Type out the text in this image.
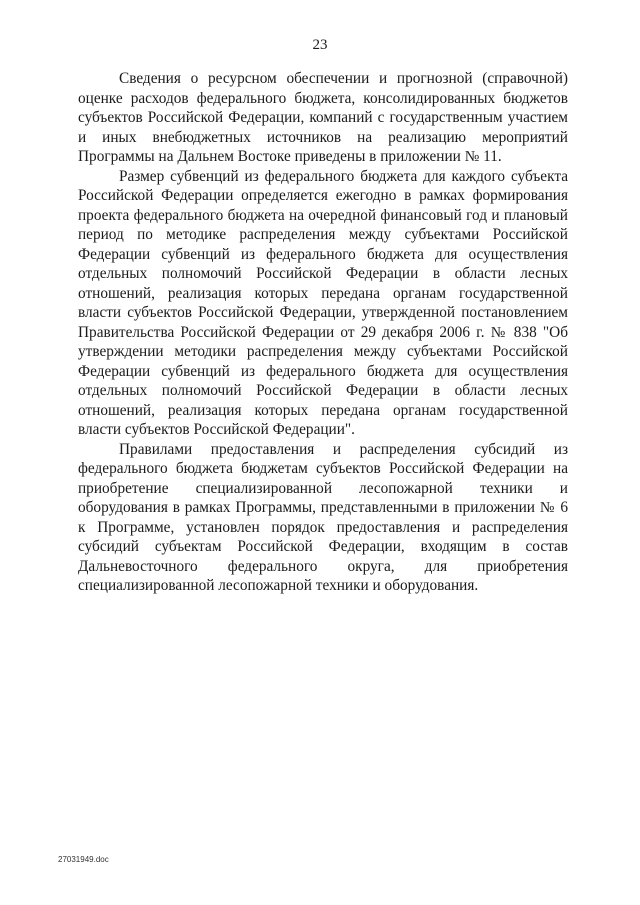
23

Сведения о ресурсном обеспечении и прогнозной (справочной) оценке расходов федерального бюджета, консолидированных бюджетов субъектов Российской Федерации, компаний с государственным участием и иных внебюджетных источников на реализацию мероприятий Программы на Дальнем Востоке приведены в приложении № 11.

Размер субвенций из федерального бюджета для каждого субъекта Российской Федерации определяется ежегодно в рамках формирования проекта федерального бюджета на очередной финансовый год и плановый период по методике распределения между субъектами Российской Федерации субвенций из федерального бюджета для осуществления отдельных полномочий Российской Федерации в области лесных отношений, реализация которых передана органам государственной власти субъектов Российской Федерации, утвержденной постановлением Правительства Российской Федерации от 29 декабря 2006 г. № 838 "Об утверждении методики распределения между субъектами Российской Федерации субвенций из федерального бюджета для осуществления отдельных полномочий Российской Федерации в области лесных отношений, реализация которых передана органам государственной власти субъектов Российской Федерации".

Правилами предоставления и распределения субсидий из федерального бюджета бюджетам субъектов Российской Федерации на приобретение специализированной лесопожарной техники и оборудования в рамках Программы, представленными в приложении № 6 к Программе, установлен порядок предоставления и распределения субсидий субъектам Российской Федерации, входящим в состав Дальневосточного федерального округа, для приобретения специализированной лесопожарной техники и оборудования.

27031949.doc
